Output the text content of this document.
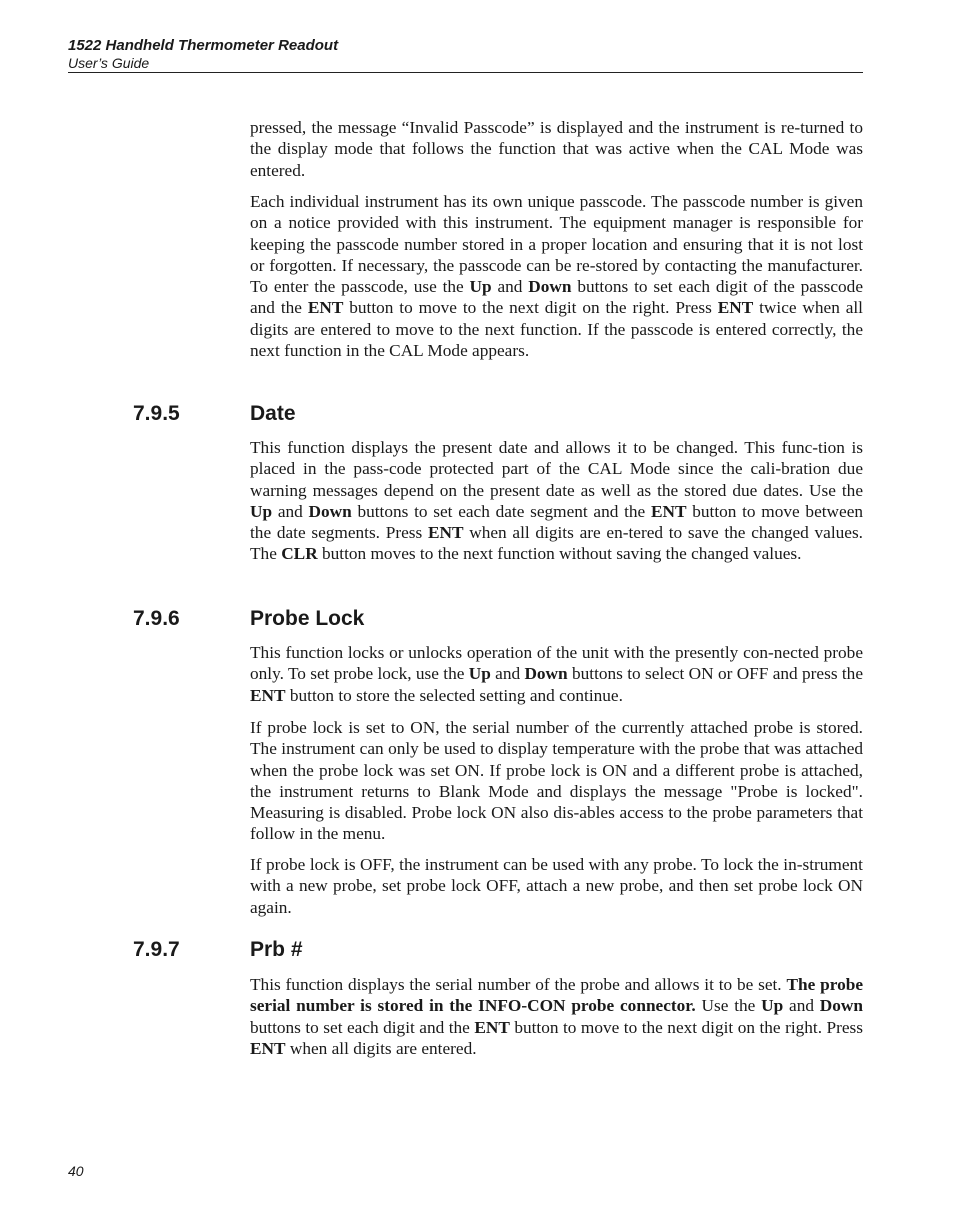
1522 Handheld Thermometer Readout
User’s Guide

pressed, the message “Invalid Passcode” is displayed and the instrument is re-turned to the display mode that follows the function that was active when the CAL Mode was entered.

Each individual instrument has its own unique passcode. The passcode number is given on a notice provided with this instrument. The equipment manager is responsible for keeping the passcode number stored in a proper location and ensuring that it is not lost or forgotten. If necessary, the passcode can be re-stored by contacting the manufacturer. To enter the passcode, use the Up and Down buttons to set each digit of the passcode and the ENT button to move to the next digit on the right. Press ENT twice when all digits are entered to move to the next function. If the passcode is entered correctly, the next function in the CAL Mode appears.

7.9.5	Date

This function displays the present date and allows it to be changed. This func-tion is placed in the pass-code protected part of the CAL Mode since the cali-bration due warning messages depend on the present date as well as the stored due dates. Use the Up and Down buttons to set each date segment and the ENT button to move between the date segments. Press ENT when all digits are en-tered to save the changed values. The CLR button moves to the next function without saving the changed values.

7.9.6	Probe Lock

This function locks or unlocks operation of the unit with the presently con-nected probe only. To set probe lock, use the Up and Down buttons to select ON or OFF and press the ENT button to store the selected setting and continue.

If probe lock is set to ON, the serial number of the currently attached probe is stored. The instrument can only be used to display temperature with the probe that was attached when the probe lock was set ON. If probe lock is ON and a different probe is attached, the instrument returns to Blank Mode and displays the message "Probe is locked". Measuring is disabled. Probe lock ON also dis-ables access to the probe parameters that follow in the menu.

If probe lock is OFF, the instrument can be used with any probe. To lock the in-strument with a new probe, set probe lock OFF, attach a new probe, and then set probe lock ON again.

7.9.7	Prb #

This function displays the serial number of the probe and allows it to be set. The probe serial number is stored in the INFO-CON probe connector. Use the Up and Down buttons to set each digit and the ENT button to move to the next digit on the right. Press ENT when all digits are entered.

40
